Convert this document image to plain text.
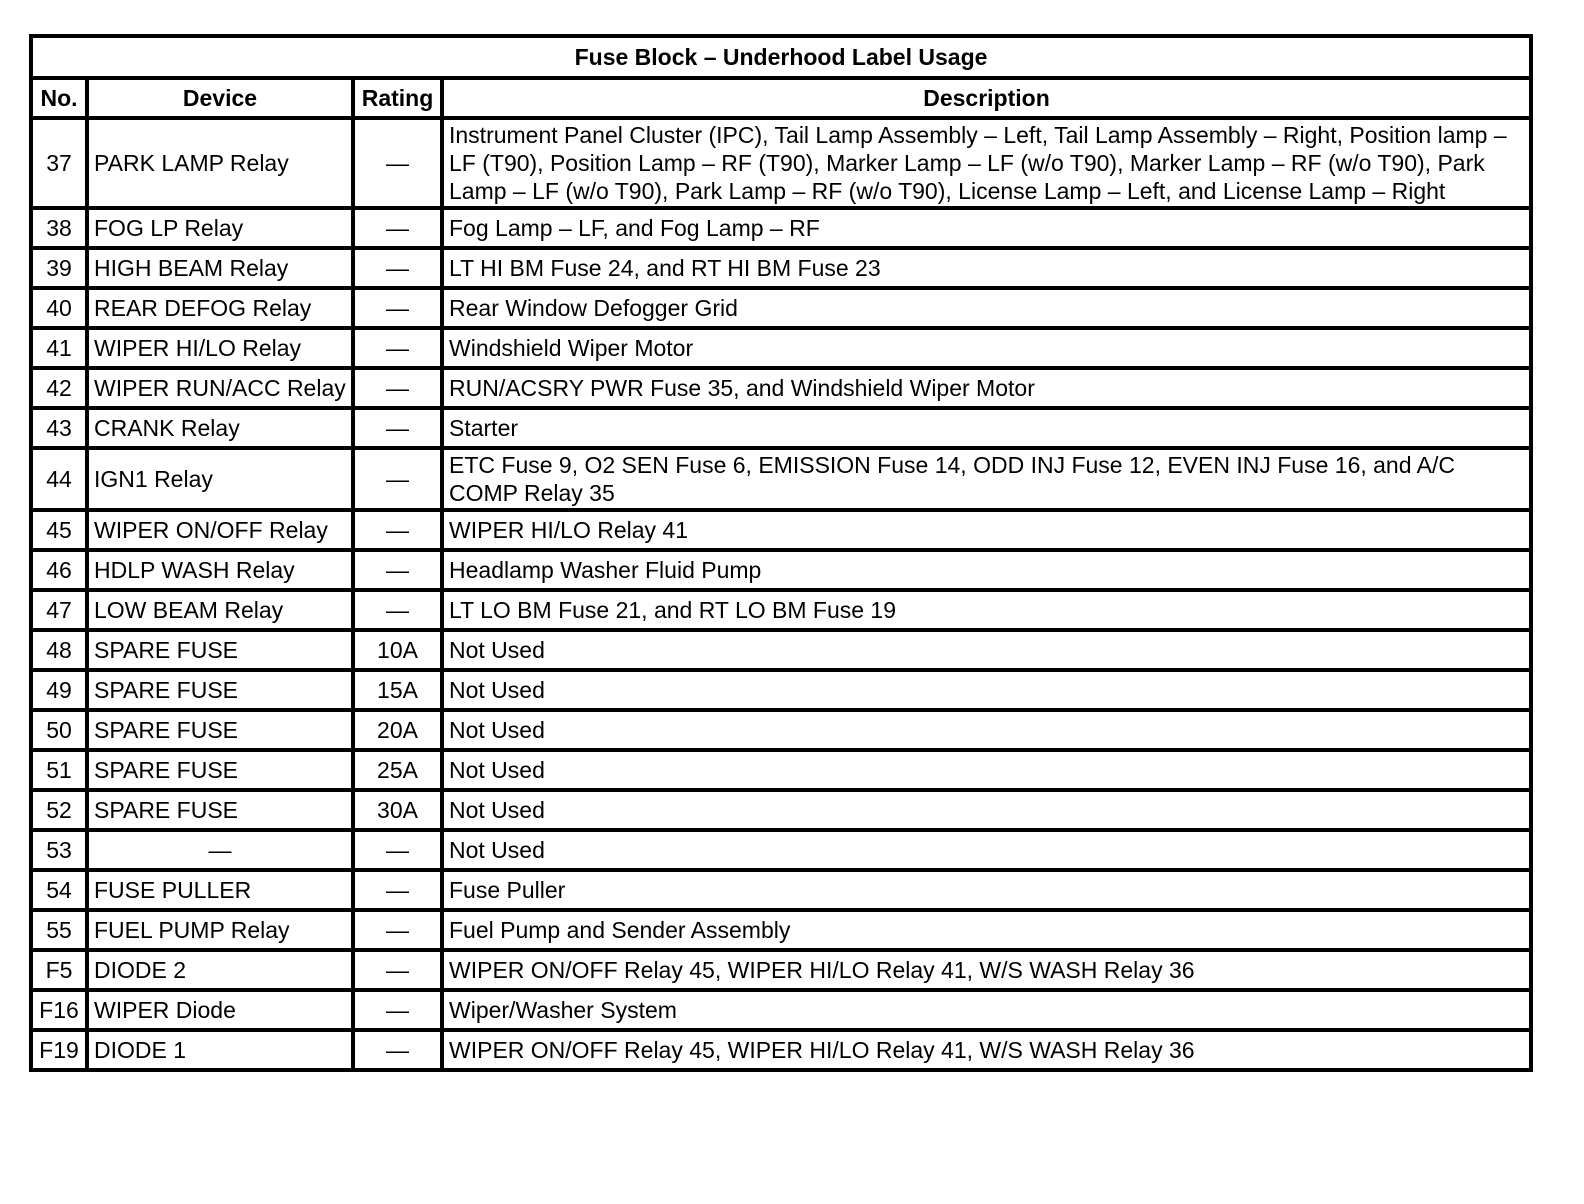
Fuse Block – Underhood Label Usage			
No.	Device	Rating	Description
37	PARK LAMP Relay	—	Instrument Panel Cluster (IPC), Tail Lamp Assembly – Left, Tail Lamp Assembly – Right, Position lamp – LF (T90), Position Lamp – RF (T90), Marker Lamp – LF (w/o T90), Marker Lamp – RF (w/o T90), Park Lamp – LF (w/o T90), Park Lamp – RF (w/o T90), License Lamp – Left, and License Lamp – Right
38	FOG LP Relay	—	Fog Lamp – LF, and Fog Lamp – RF
39	HIGH BEAM Relay	—	LT HI BM Fuse 24, and RT HI BM Fuse 23
40	REAR DEFOG Relay	—	Rear Window Defogger Grid
41	WIPER HI/LO Relay	—	Windshield Wiper Motor
42	WIPER RUN/ACC Relay	—	RUN/ACSRY PWR Fuse 35, and Windshield Wiper Motor
43	CRANK Relay	—	Starter
44	IGN1 Relay	—	ETC Fuse 9, O2 SEN Fuse 6, EMISSION Fuse 14, ODD INJ Fuse 12, EVEN INJ Fuse 16, and A/C COMP Relay 35
45	WIPER ON/OFF Relay	—	WIPER HI/LO Relay 41
46	HDLP WASH Relay	—	Headlamp Washer Fluid Pump
47	LOW BEAM Relay	—	LT LO BM Fuse 21, and RT LO BM Fuse 19
48	SPARE FUSE	10A	Not Used
49	SPARE FUSE	15A	Not Used
50	SPARE FUSE	20A	Not Used
51	SPARE FUSE	25A	Not Used
52	SPARE FUSE	30A	Not Used
53	—	—	Not Used
54	FUSE PULLER	—	Fuse Puller
55	FUEL PUMP Relay	—	Fuel Pump and Sender Assembly
F5	DIODE 2	—	WIPER ON/OFF Relay 45, WIPER HI/LO Relay 41, W/S WASH Relay 36
F16	WIPER Diode	—	Wiper/Washer System
F19	DIODE 1	—	WIPER ON/OFF Relay 45, WIPER HI/LO Relay 41, W/S WASH Relay 36
